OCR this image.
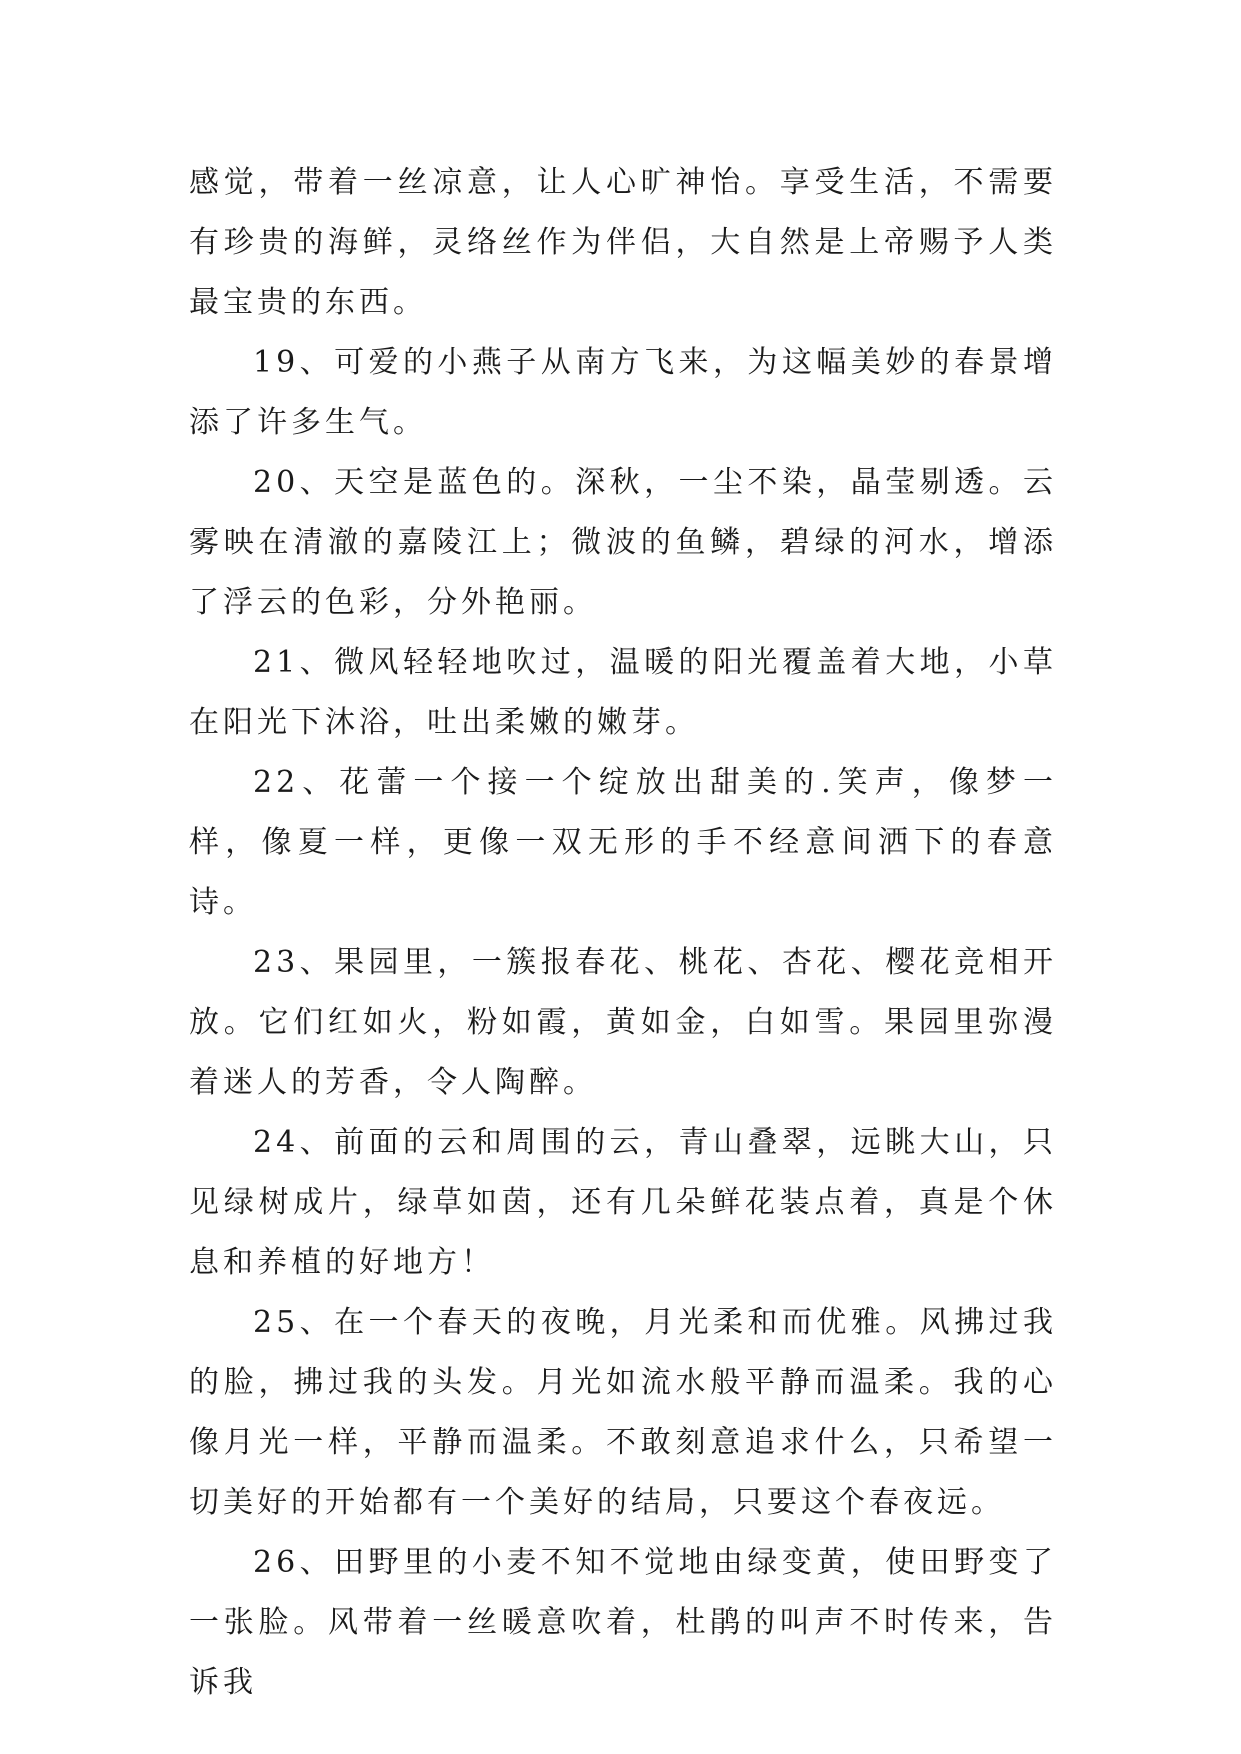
感觉，带着一丝凉意，让人心旷神怡。享受生活，不需要有珍贵的海鲜，灵络丝作为伴侣，大自然是上帝赐予人类最宝贵的东西。

19、可爱的小燕子从南方飞来，为这幅美妙的春景增添了许多生气。

20、天空是蓝色的。深秋，一尘不染，晶莹剔透。云雾映在清澈的嘉陵江上；微波的鱼鳞，碧绿的河水，增添了浮云的色彩，分外艳丽。

21、微风轻轻地吹过，温暖的阳光覆盖着大地，小草在阳光下沐浴，吐出柔嫩的嫩芽。

22、花蕾一个接一个绽放出甜美的.笑声，像梦一样，像夏一样，更像一双无形的手不经意间洒下的春意诗。

23、果园里，一簇报春花、桃花、杏花、樱花竞相开放。它们红如火，粉如霞，黄如金，白如雪。果园里弥漫着迷人的芳香，令人陶醉。

24、前面的云和周围的云，青山叠翠，远眺大山，只见绿树成片，绿草如茵，还有几朵鲜花装点着，真是个休息和养植的好地方！

25、在一个春天的夜晚，月光柔和而优雅。风拂过我的脸，拂过我的头发。月光如流水般平静而温柔。我的心像月光一样，平静而温柔。不敢刻意追求什么，只希望一切美好的开始都有一个美好的结局，只要这个春夜远。

26、田野里的小麦不知不觉地由绿变黄，使田野变了一张脸。风带着一丝暖意吹着，杜鹃的叫声不时传来，告诉我
